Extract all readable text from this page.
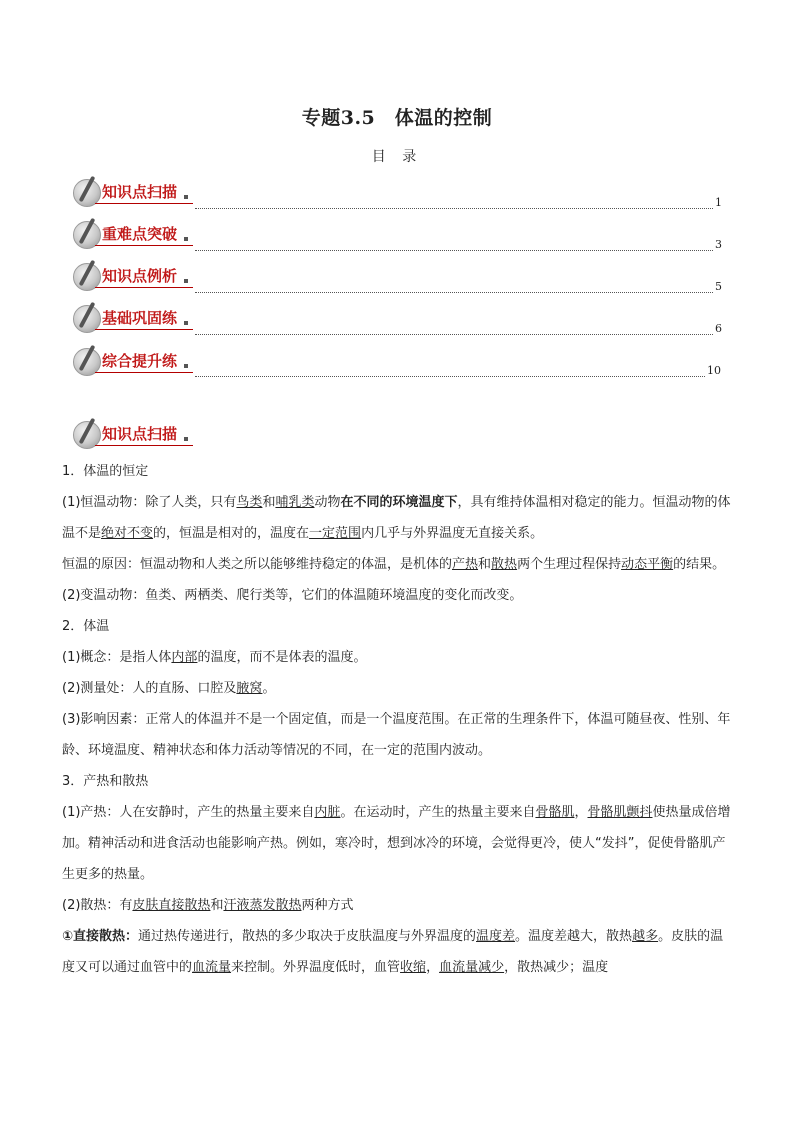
专题3.5　体温的控制
目 录
知识点扫描
1
重难点突破
3
知识点例析
5
基础巩固练
6
综合提升练
10
知识点扫描

1．体温的恒定

(1)恒温动物：除了人类，只有鸟类和哺乳类动物在不同的环境温度下，具有维持体温相对稳定的能力。恒温动物的体温不是绝对不变的，恒温是相对的，温度在一定范围内几乎与外界温度无直接关系。

恒温的原因：恒温动物和人类之所以能够维持稳定的体温，是机体的产热和散热两个生理过程保持动态平衡的结果。

(2)变温动物：鱼类、两栖类、爬行类等，它们的体温随环境温度的变化而改变。

2．体温

(1)概念：是指人体内部的温度，而不是体表的温度。

(2)测量处：人的直肠、口腔及腋窝。

(3)影响因素：正常人的体温并不是一个固定值，而是一个温度范围。在正常的生理条件下，体温可随昼夜、性别、年龄、环境温度、精神状态和体力活动等情况的不同，在一定的范围内波动。

3．产热和散热

(1)产热：人在安静时，产生的热量主要来自内脏。在运动时，产生的热量主要来自骨骼肌，骨骼肌颤抖使热量成倍增加。精神活动和进食活动也能影响产热。例如，寒冷时，想到冰冷的环境，会觉得更冷，使人“发抖”，促使骨骼肌产生更多的热量。

(2)散热：有皮肤直接散热和汗液蒸发散热两种方式

①直接散热：通过热传递进行，散热的多少取决于皮肤温度与外界温度的温度差。温度差越大，散热越多。皮肤的温度又可以通过血管中的血流量来控制。外界温度低时，血管收缩，血流量减少，散热减少；温度
